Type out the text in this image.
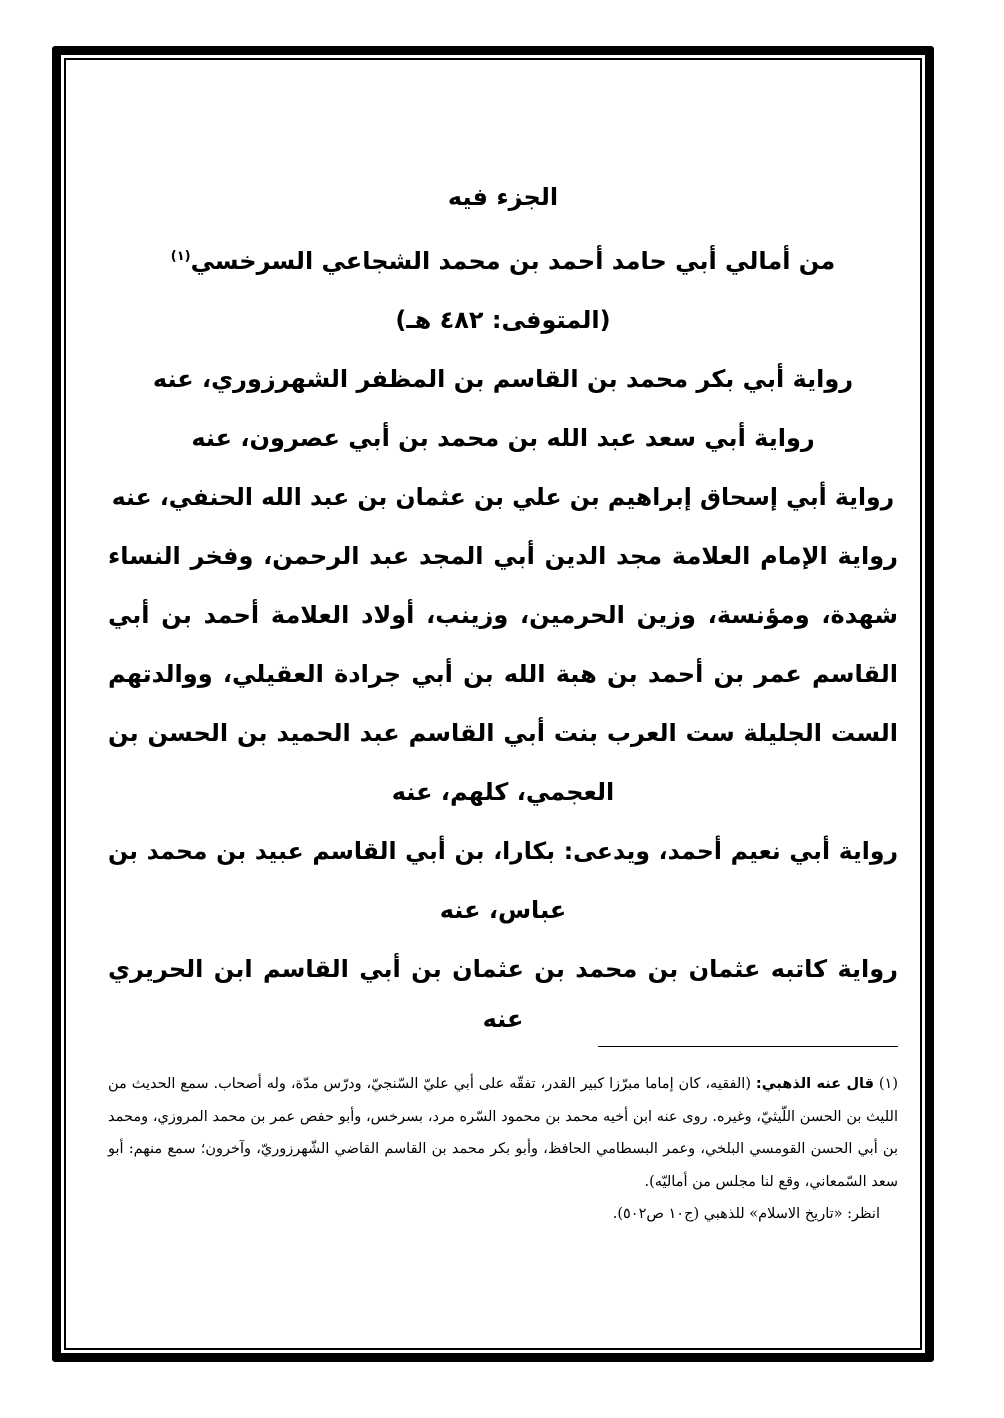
الجزء فيه

من أمالي أبي حامد أحمد بن محمد الشجاعي السرخسي$^{(١)}$

(المتوفى: ٤٨٢ هـ)

رواية أبي بكر محمد بن القاسم بن المظفر الشهرزوري، عنه

رواية أبي سعد عبد الله بن محمد بن أبي عصرون، عنه

رواية أبي إسحاق إبراهيم بن علي بن عثمان بن عبد الله الحنفي، عنه

رواية الإمام العلامة مجد الدين أبي المجد عبد الرحمن، وفخر النساء

شهدة، ومؤنسة، وزين الحرمين، وزينب، أولاد العلامة أحمد بن أبي

القاسم عمر بن أحمد بن هبة الله بن أبي جرادة العقيلي، ووالدتهم

الست الجليلة ست العرب بنت أبي القاسم عبد الحميد بن الحسن بن

العجمي، كلهم، عنه

رواية أبي نعيم أحمد، ويدعى: بكارا، بن أبي القاسم عبيد بن محمد بن

عباس، عنه

رواية كاتبه عثمان بن محمد بن عثمان بن أبي القاسم ابن الحريري

عنه

(١) قال عنه الذهبي: (الفقيه، كان إماما مبرّزا كبير القدر، تفقّه على أبي عليّ السّنجيّ، ودرّس مدّة، وله أصحاب. سمع الحديث من الليث بن الحسن اللّيثيّ، وغيره. روى عنه ابن أخيه محمد بن محمود السّره مرد، بسرخس، وأبو حفص عمر بن محمد المروزي، ومحمد بن أبي الحسن القومسي البلخي، وعمر البسطامي الحافظ، وأبو بكر محمد بن القاسم القاضي الشّهرزوريّ، وآخرون؛ سمع منهم: أبو سعد السّمعاني، وقع لنا مجلس من أماليّه).

انظر: «تاريخ الاسلام» للذهبي (ج١٠ ص٥٠٢).
